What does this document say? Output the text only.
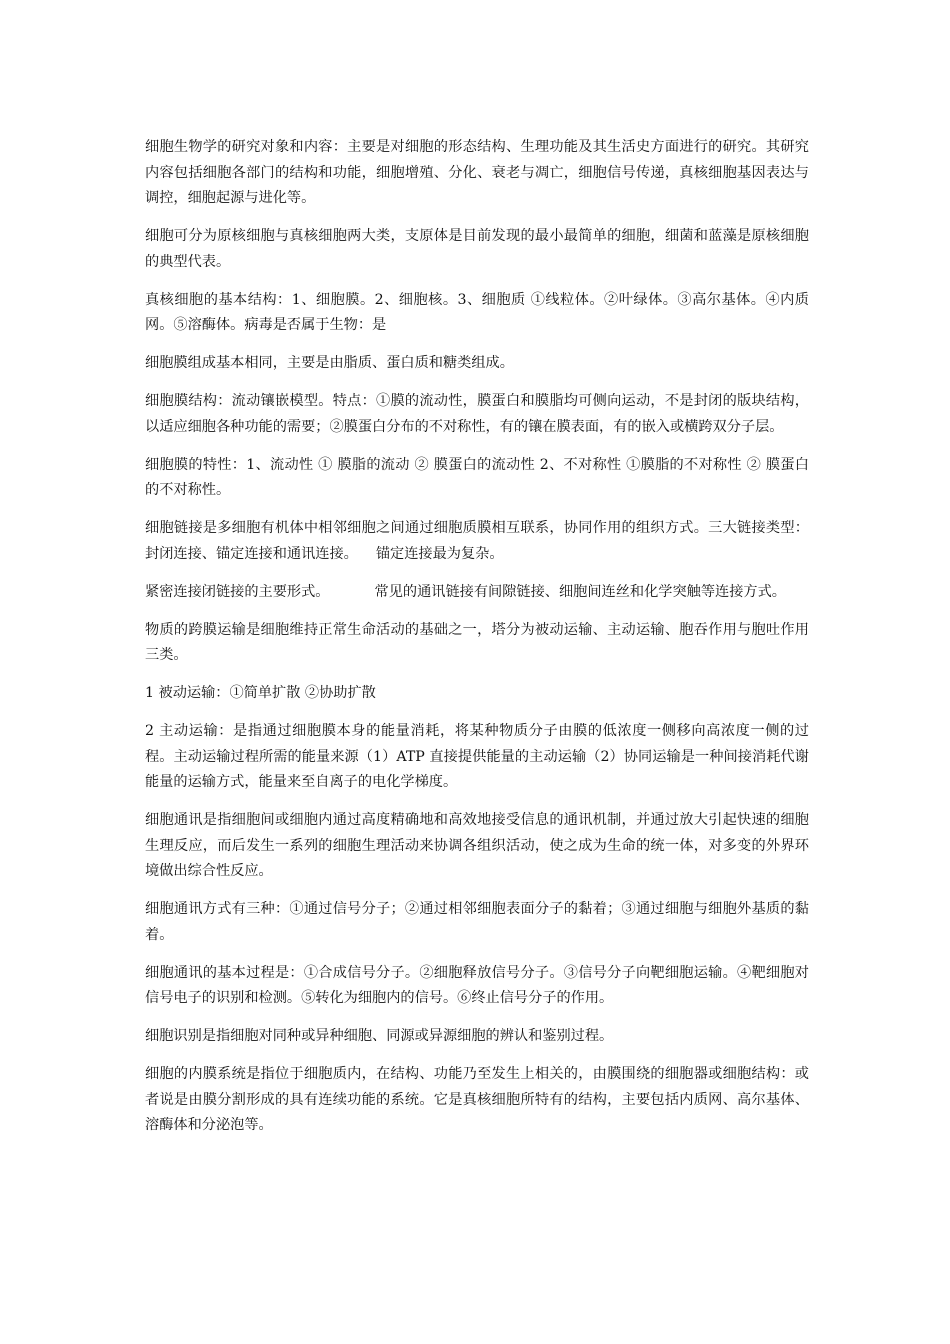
细胞生物学的研究对象和内容：主要是对细胞的形态结构、生理功能及其生活史方面进行的研究。其研究内容包括细胞各部门的结构和功能，细胞增殖、分化、衰老与凋亡，细胞信号传递，真核细胞基因表达与调控，细胞起源与进化等。

细胞可分为原核细胞与真核细胞两大类，支原体是目前发现的最小最简单的细胞，细菌和蓝藻是原核细胞的典型代表。

真核细胞的基本结构：1、细胞膜。2、细胞核。3、细胞质 ①线粒体。②叶绿体。③高尔基体。④内质网。⑤溶酶体。病毒是否属于生物：是

细胞膜组成基本相同，主要是由脂质、蛋白质和糖类组成。

细胞膜结构：流动镶嵌模型。特点：①膜的流动性，膜蛋白和膜脂均可侧向运动，不是封闭的版块结构，以适应细胞各种功能的需要；②膜蛋白分布的不对称性，有的镶在膜表面，有的嵌入或横跨双分子层。

细胞膜的特性：1、流动性 ① 膜脂的流动 ② 膜蛋白的流动性 2、不对称性 ①膜脂的不对称性 ② 膜蛋白的不对称性。

细胞链接是多细胞有机体中相邻细胞之间通过细胞质膜相互联系，协同作用的组织方式。三大链接类型：封闭连接、锚定连接和通讯连接。    锚定连接最为复杂。

紧密连接闭链接的主要形式。          常见的通讯链接有间隙链接、细胞间连丝和化学突触等连接方式。

物质的跨膜运输是细胞维持正常生命活动的基础之一，塔分为被动运输、主动运输、胞吞作用与胞吐作用三类。

1 被动运输：①简单扩散 ②协助扩散

2 主动运输：是指通过细胞膜本身的能量消耗，将某种物质分子由膜的低浓度一侧移向高浓度一侧的过程。主动运输过程所需的能量来源（1）ATP 直接提供能量的主动运输（2）协同运输是一种间接消耗代谢能量的运输方式，能量来至自离子的电化学梯度。

细胞通讯是指细胞间或细胞内通过高度精确地和高效地接受信息的通讯机制，并通过放大引起快速的细胞生理反应，而后发生一系列的细胞生理活动来协调各组织活动，使之成为生命的统一体，对多变的外界环境做出综合性反应。

细胞通讯方式有三种：①通过信号分子；②通过相邻细胞表面分子的黏着；③通过细胞与细胞外基质的黏着。

细胞通讯的基本过程是：①合成信号分子。②细胞释放信号分子。③信号分子向靶细胞运输。④靶细胞对信号电子的识别和检测。⑤转化为细胞内的信号。⑥终止信号分子的作用。

细胞识别是指细胞对同种或异种细胞、同源或异源细胞的辨认和鉴别过程。

细胞的内膜系统是指位于细胞质内，在结构、功能乃至发生上相关的，由膜围绕的细胞器或细胞结构：或者说是由膜分割形成的具有连续功能的系统。它是真核细胞所特有的结构，主要包括内质网、高尔基体、溶酶体和分泌泡等。
